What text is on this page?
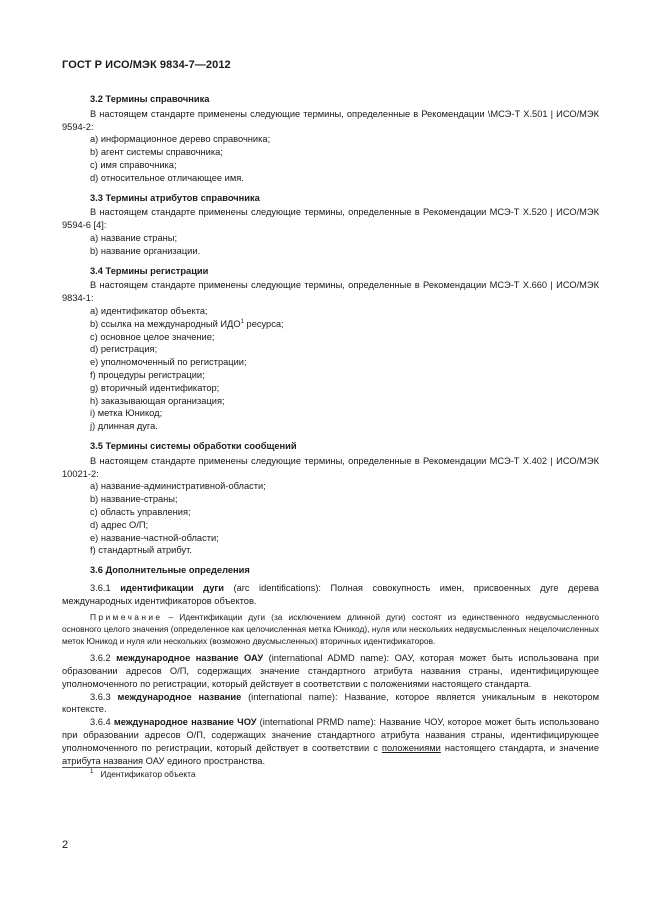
ГОСТ Р ИСО/МЭК 9834-7—2012
3.2 Термины справочника

В настоящем стандарте применены следующие термины, определенные в Рекомендации \МСЭ-Т Х.501 | ИСО/МЭК 9594-2:

a) информационное дерево справочника;

b) агент системы справочника;

c) имя справочника;

d) относительное отличающее имя.

3.3 Термины атрибутов справочника

В настоящем стандарте применены следующие термины, определенные в Рекомендации МСЭ-Т Х.520 | ИСО/МЭК 9594-6 [4]:

a) название страны;

b) название организации.

3.4 Термины регистрации

В настоящем стандарте применены следующие термины, определенные в Рекомендации МСЭ-Т Х.660 | ИСО/МЭК 9834-1:

a) идентификатор объекта;

b) ссылка на международный ИДО$^1$ ресурса;

c) основное целое значение;

d) регистрация;

e) уполномоченный по регистрации;

f) процедуры регистрации;

g) вторичный идентификатор;

h) заказывающая организация;

i) метка Юникод;

j) длинная дуга.

3.5 Термины системы обработки сообщений

В настоящем стандарте применены следующие термины, определенные в Рекомендации МСЭ-Т Х.402 | ИСО/МЭК 10021-2:

a) название-административной-области;

b) название-страны;

c) область управления;

d) адрес О/П;

e) название-частной-области;

f) стандартный атрибут.

3.6 Дополнительные определения

3.6.1 идентификации дуги (arc identifications): Полная совокупность имен, присвоенных дуге дерева международных идентификаторов объектов.

Примечание – Идентификации дуги (за исключением длинной дуги) состоят из единственного недвусмысленного основного целого значения (определенное как целочисленная метка Юникод), нуля или нескольких недвусмысленных нецелочисленных меток Юникод и нуля или нескольких (возможно двусмысленных) вторичных идентификаторов.

3.6.2 международное название ОАУ (international ADMD name): ОАУ, которая может быть использована при образовании адресов О/П, содержащих значение стандартного атрибута названия страны, идентифицирующее уполномоченного по регистрации, который действует в соответствии с положениями настоящего стандарта.

3.6.3 международное название (international name): Название, которое является уникальным в некотором контексте.

3.6.4 международное название ЧОУ (international PRMD name): Название ЧОУ, которое может быть использовано при образовании адресов О/П, содержащих значение стандартного атрибута названия страны, идентифицирующее уполномоченного по регистрации, который действует в соответствии с положениями настоящего стандарта, и значение атрибута названия ОАУ единого пространства.

$^1$ Идентификатор объекта
2
